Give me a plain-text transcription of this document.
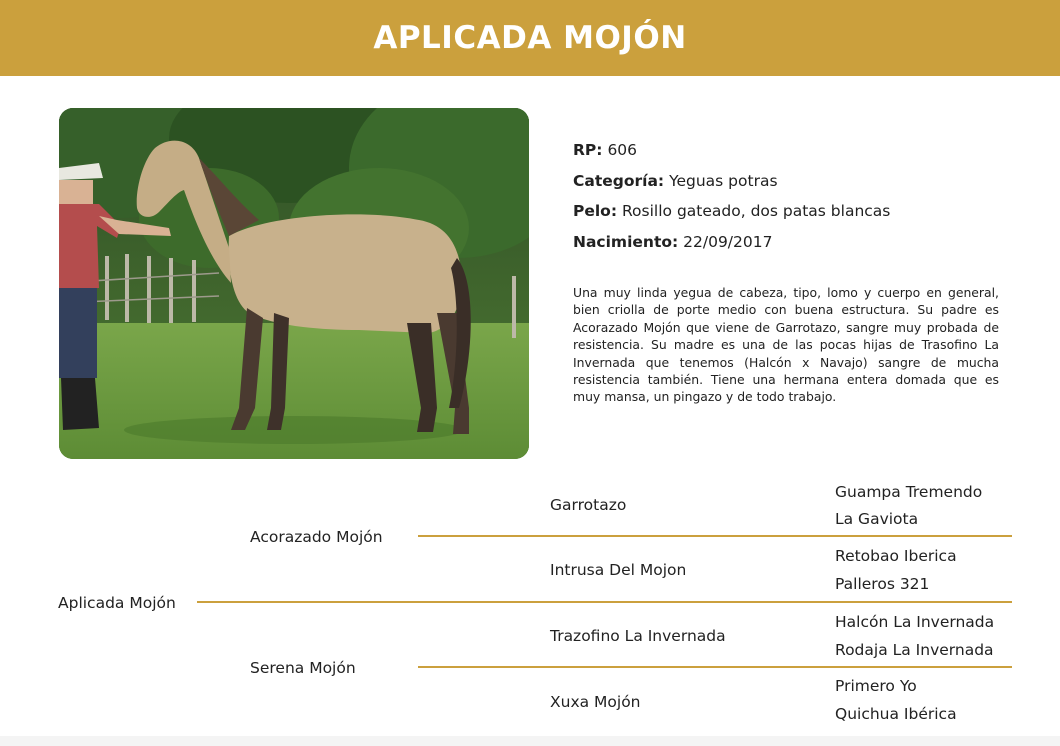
APLICADA MOJÓN
RP: 606
Categoría: Yeguas potras
Pelo: Rosillo gateado, dos patas blancas
Nacimiento: 22/09/2017

Una muy linda yegua de cabeza, tipo, lomo y cuerpo en general, bien criolla de porte medio con buena estructura. Su padre es Acorazado Mojón que viene de Garrotazo, sangre muy probada de resistencia. Su madre es una de las pocas hijas de Trasofino La Invernada que tenemos (Halcón x Navajo) sangre de mucha resistencia también. Tiene una hermana entera domada que es muy mansa, un pingazo y de todo trabajo.

Aplicada Mojón
Acorazado Mojón
Serena Mojón
Garrotazo
Intrusa Del Mojon
Trazofino La Invernada
Xuxa Mojón
Guampa Tremendo
La Gaviota
Retobao Iberica
Palleros 321
Halcón La Invernada
Rodaja La Invernada
Primero Yo
Quichua Ibérica
